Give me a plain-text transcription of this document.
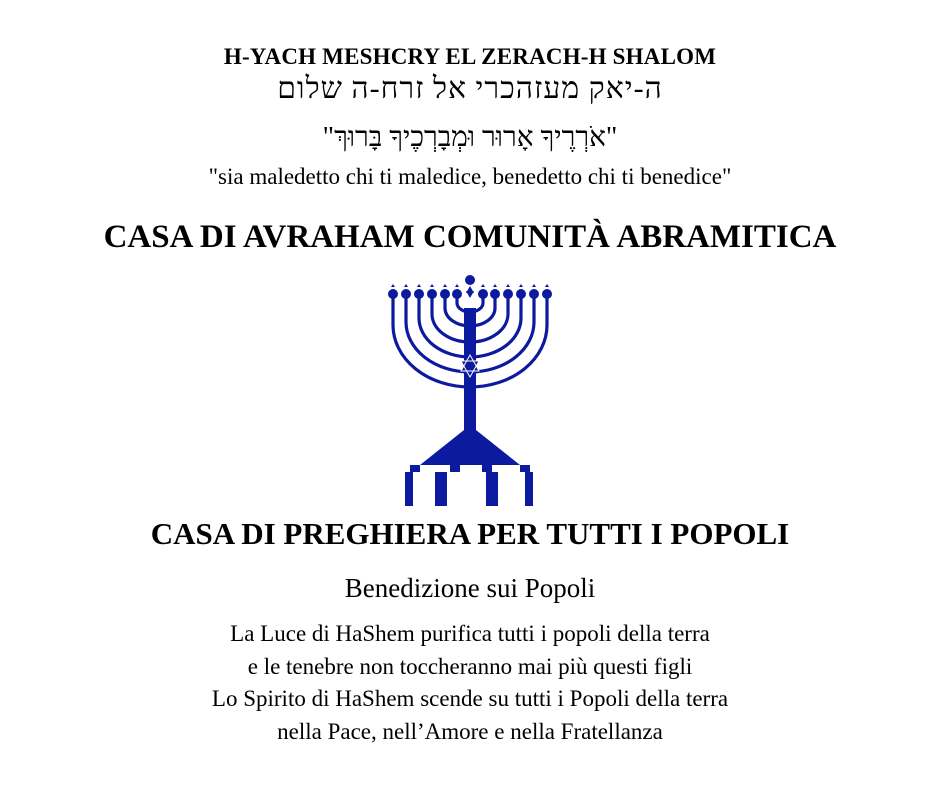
H-YACH MESHCRY EL ZERACH-H SHALOM
ה-יאק מעזהכרי אל זרח-ה שלום
"אֹרְרֶיךָ אָרוּר וּמְבָרְכֶיךָ בָּרוּךְ"
"sia maledetto chi ti maledice, benedetto chi ti benedice"
CASA DI AVRAHAM COMUNITÀ ABRAMITICA
CASA DI PREGHIERA PER TUTTI I POPOLI
Benedizione sui Popoli
La Luce di HaShem purifica tutti i popoli della terra
e le tenebre non toccheranno mai più questi figli
Lo Spirito di HaShem scende su tutti i Popoli della terra
nella Pace, nell’Amore e nella Fratellanza
